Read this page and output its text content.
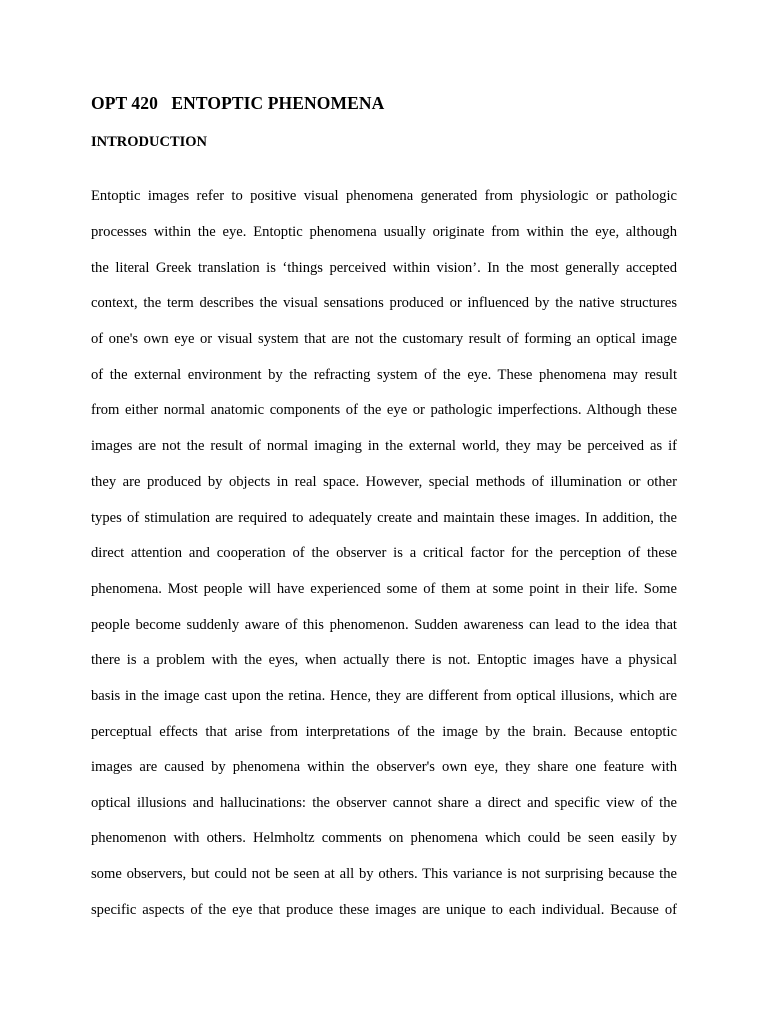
OPT 420   ENTOPTIC PHENOMENA
INTRODUCTION

Entoptic images refer to positive visual phenomena generated from physiologic or pathologic

processes within the eye. Entoptic phenomena usually originate from within the eye, although

the literal Greek translation is ‘things perceived within vision’. In the most generally accepted

context, the term describes the visual sensations produced or influenced by the native structures

of one's own eye or visual system that are not the customary result of forming an optical image

of the external environment by the refracting system of the eye. These phenomena may result

from either normal anatomic components of the eye or pathologic imperfections. Although these

images are not the result of normal imaging in the external world, they may be perceived as if

they are produced by objects in real space. However, special methods of illumination or other

types of stimulation are required to adequately create and maintain these images. In addition, the

direct attention and cooperation of the observer is a critical factor for the perception of these

phenomena. Most people will have experienced some of them at some point in their life. Some

people become suddenly aware of this phenomenon. Sudden awareness can lead to the idea that

there is a problem with the eyes, when actually there is not. Entoptic images have a physical

basis in the image cast upon the retina. Hence, they are different from optical illusions, which are

perceptual effects that arise from interpretations of the image by the brain. Because entoptic

images are caused by phenomena within the observer's own eye, they share one feature with

optical illusions and hallucinations: the observer cannot share a direct and specific view of the

phenomenon with others. Helmholtz comments on phenomena which could be seen easily by

some observers, but could not be seen at all by others. This variance is not surprising because the

specific aspects of the eye that produce these images are unique to each individual. Because of
